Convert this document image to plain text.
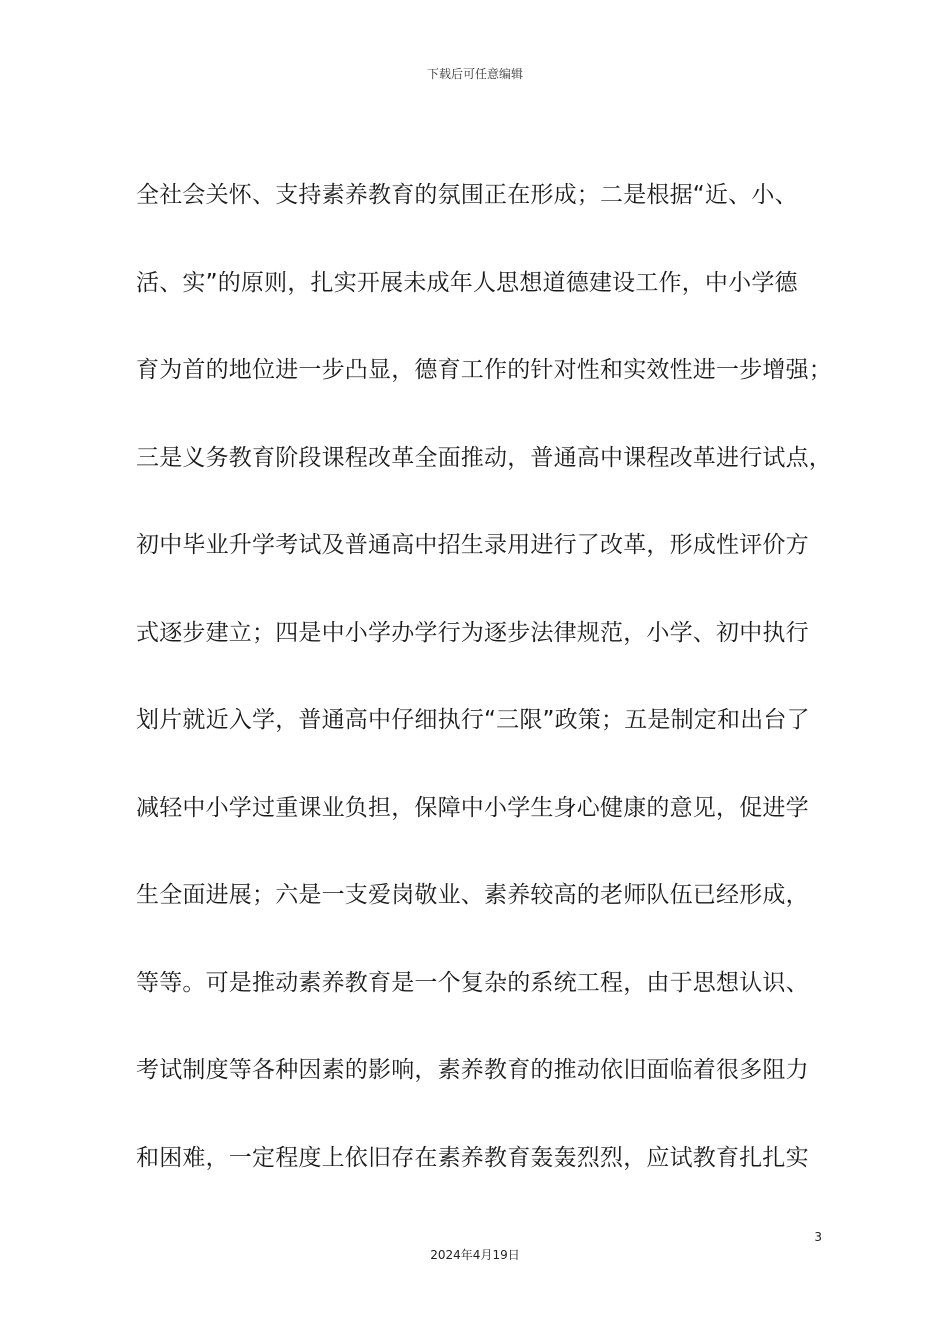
下载后可任意编辑
全社会关怀、支持素养教育的氛围正在形成；二是根据“近、小、
活、实”的原则，扎实开展未成年人思想道德建设工作，中小学德
育为首的地位进一步凸显，德育工作的针对性和实效性进一步增强；
三是义务教育阶段课程改革全面推动，普通高中课程改革进行试点，
初中毕业升学考试及普通高中招生录用进行了改革，形成性评价方
式逐步建立；四是中小学办学行为逐步法律规范，小学、初中执行
划片就近入学，普通高中仔细执行“三限”政策；五是制定和出台了
减轻中小学过重课业负担，保障中小学生身心健康的意见，促进学
生全面进展；六是一支爱岗敬业、素养较高的老师队伍已经形成，
等等。可是推动素养教育是一个复杂的系统工程，由于思想认识、
考试制度等各种因素的影响，素养教育的推动依旧面临着很多阻力
和困难，一定程度上依旧存在素养教育轰轰烈烈，应试教育扎扎实
3
2024年4月19日
